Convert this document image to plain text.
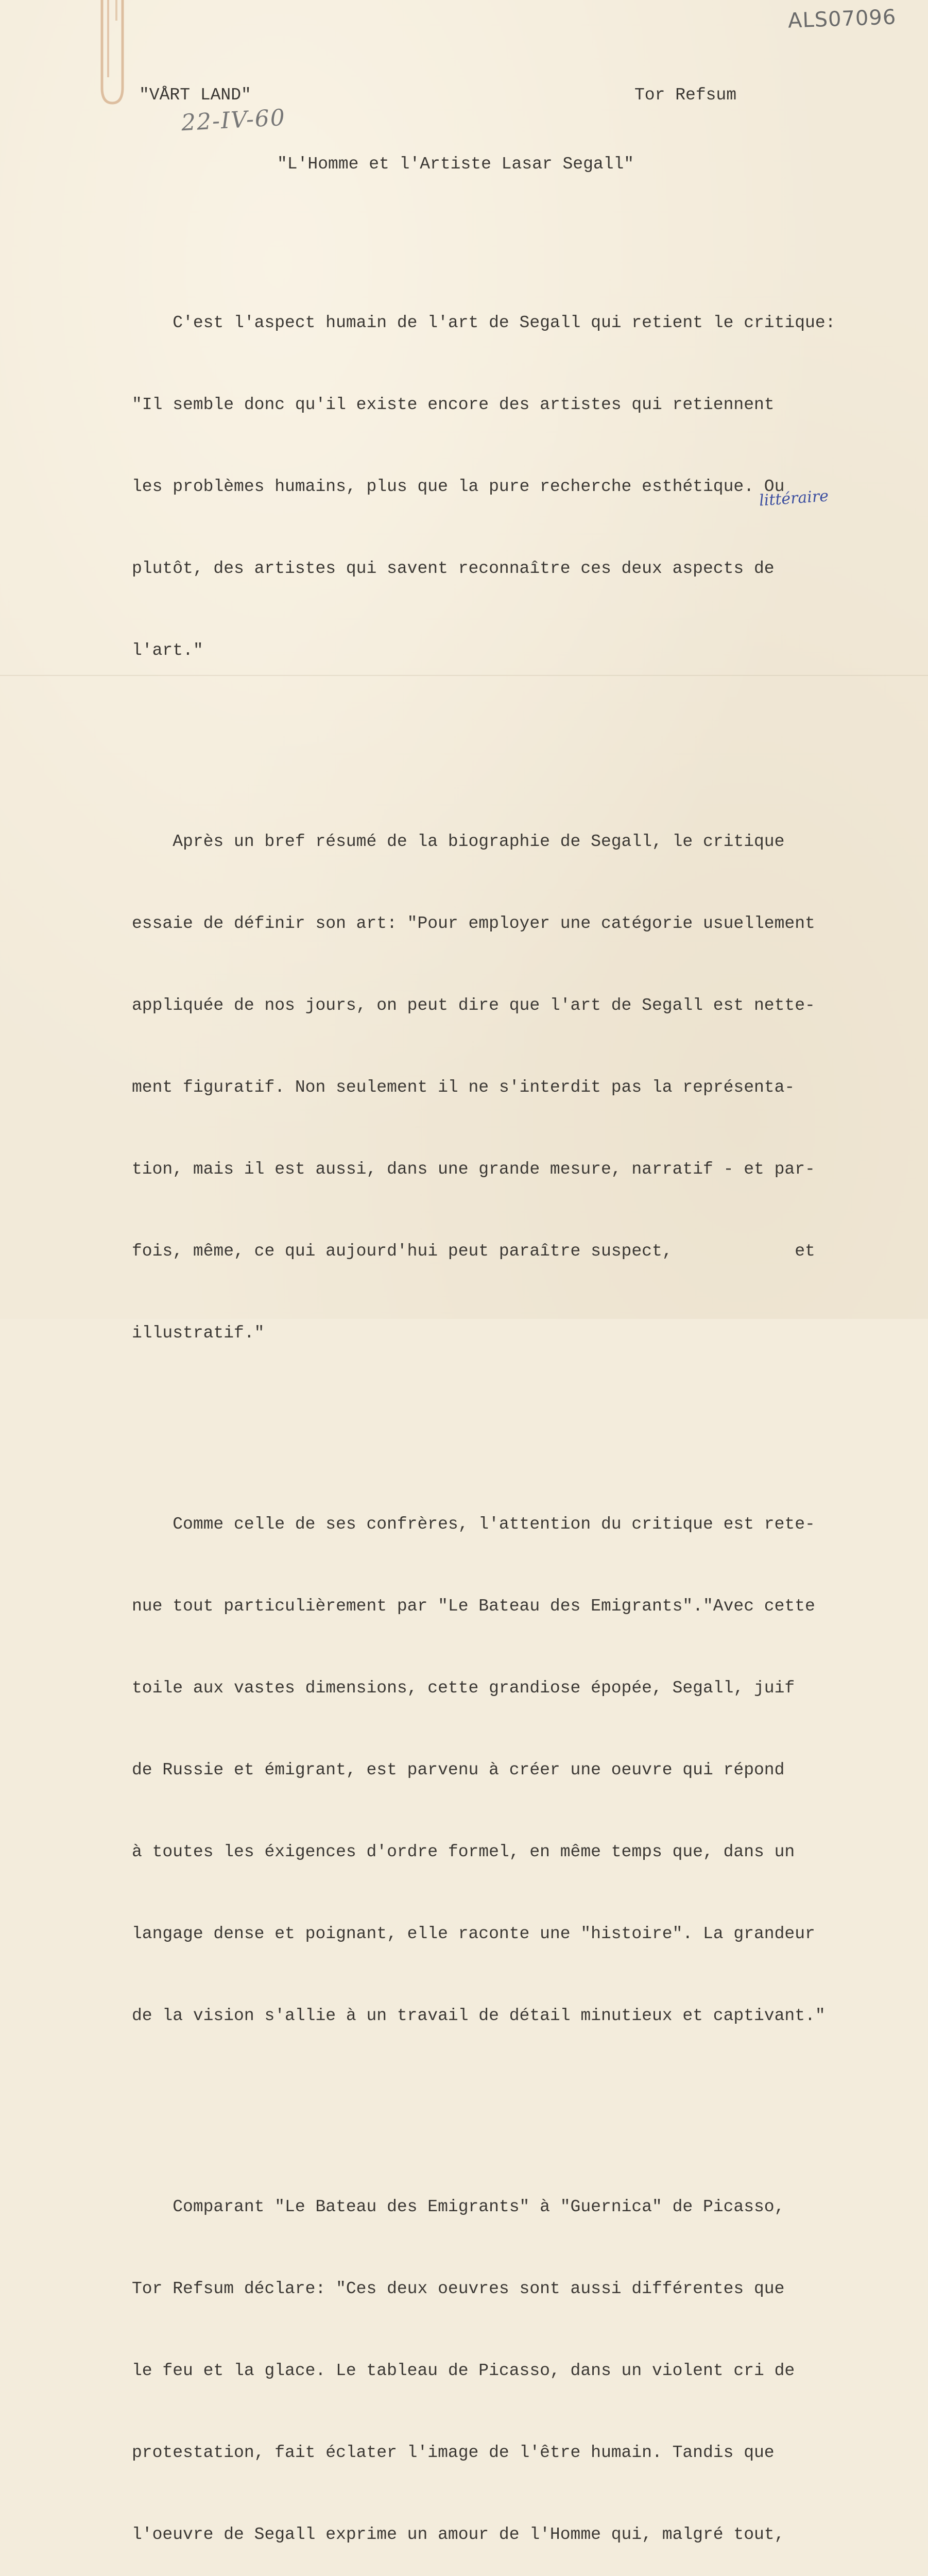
ALS07096
"VÅRT LAND"
22-IV-60
Tor Refsum
"L'Homme et l'Artiste Lasar Segall"

C'est l'aspect humain de l'art de Segall qui retient le critique:

"Il semble donc qu'il existe encore des artistes qui retiennent

les problèmes humains, plus que la pure recherche esthétique. Ou

plutôt, des artistes qui savent reconnaître ces deux aspects de

l'art."

Après un bref résumé de la biographie de Segall, le critique

essaie de définir son art: "Pour employer une catégorie usuellement

appliquée de nos jours, on peut dire que l'art de Segall est nette-

ment figuratif. Non seulement il ne s'interdit pas la représenta-

tion, mais il est aussi, dans une grande mesure, narratif - et par-

fois, même, ce qui aujourd'hui peut paraître suspect,            et

illustratif."

Comme celle de ses confrères, l'attention du critique est rete-

nue tout particulièrement par "Le Bateau des Emigrants"."Avec cette

toile aux vastes dimensions, cette grandiose épopée, Segall, juif

de Russie et émigrant, est parvenu à créer une oeuvre qui répond

à toutes les éxigences d'ordre formel, en même temps que, dans un

langage dense et poignant, elle raconte une "histoire". La grandeur

de la vision s'allie à un travail de détail minutieux et captivant."

Comparant "Le Bateau des Emigrants" à "Guernica" de Picasso,

Tor Refsum déclare: "Ces deux oeuvres sont aussi différentes que

le feu et la glace. Le tableau de Picasso, dans un violent cri de

protestation, fait éclater l'image de l'être humain. Tandis que

l'oeuvre de Segall exprime un amour de l'Homme qui, malgré tout,

littéraire
